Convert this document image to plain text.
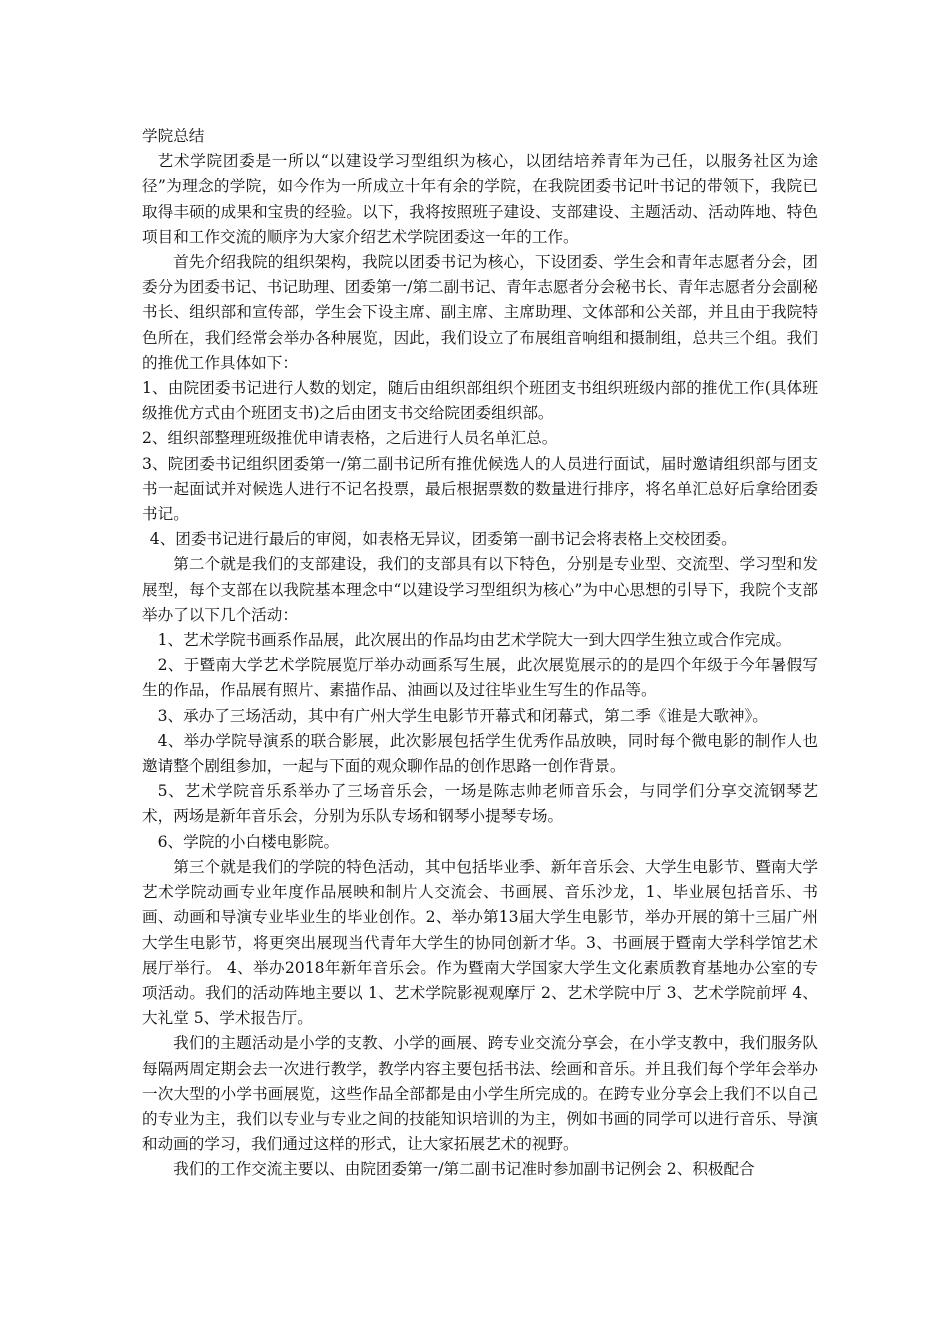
学院总结

艺术学院团委是一所以“以建设学习型组织为核心，以团结培养青年为己任，以服务社区为途径”为理念的学院，如今作为一所成立十年有余的学院，在我院团委书记叶书记的带领下，我院已取得丰硕的成果和宝贵的经验。以下，我将按照班子建设、支部建设、主题活动、活动阵地、特色项目和工作交流的顺序为大家介绍艺术学院团委这一年的工作。

首先介绍我院的组织架构，我院以团委书记为核心，下设团委、学生会和青年志愿者分会，团委分为团委书记、书记助理、团委第一/第二副书记、青年志愿者分会秘书长、青年志愿者分会副秘书长、组织部和宣传部，学生会下设主席、副主席、主席助理、文体部和公关部，并且由于我院特色所在，我们经常会举办各种展览，因此，我们设立了布展组音响组和摄制组，总共三个组。我们的推优工作具体如下：

1、由院团委书记进行人数的划定，随后由组织部组织个班团支书组织班级内部的推优工作(具体班级推优方式由个班团支书)之后由团支书交给院团委组织部。

2、组织部整理班级推优申请表格，之后进行人员名单汇总。

3、院团委书记组织团委第一/第二副书记所有推优候选人的人员进行面试，届时邀请组织部与团支书一起面试并对候选人进行不记名投票，最后根据票数的数量进行排序，将名单汇总好后拿给团委书记。

4、团委书记进行最后的审阅，如表格无异议，团委第一副书记会将表格上交校团委。

第二个就是我们的支部建设，我们的支部具有以下特色，分别是专业型、交流型、学习型和发展型，每个支部在以我院基本理念中“以建设学习型组织为核心”为中心思想的引导下，我院个支部举办了以下几个活动：

1、艺术学院书画系作品展，此次展出的作品均由艺术学院大一到大四学生独立或合作完成。

2、于暨南大学艺术学院展览厅举办动画系写生展，此次展览展示的的是四个年级于今年暑假写生的作品，作品展有照片、素描作品、油画以及过往毕业生写生的作品等。

3、承办了三场活动，其中有广州大学生电影节开幕式和闭幕式，第二季《谁是大歌神》。

4、举办学院导演系的联合影展，此次影展包括学生优秀作品放映，同时每个微电影的制作人也邀请整个剧组参加，一起与下面的观众聊作品的创作思路一创作背景。

5、艺术学院音乐系举办了三场音乐会，一场是陈志帅老师音乐会，与同学们分享交流钢琴艺术，两场是新年音乐会，分别为乐队专场和钢琴小提琴专场。

6、学院的小白楼电影院。

第三个就是我们的学院的特色活动，其中包括毕业季、新年音乐会、大学生电影节、暨南大学艺术学院动画专业年度作品展映和制片人交流会、书画展、音乐沙龙，1、毕业展包括音乐、书画、动画和导演专业毕业生的毕业创作。2、举办第13届大学生电影节，举办开展的第十三届广州大学生电影节，将更突出展现当代青年大学生的协同创新才华。3、书画展于暨南大学科学馆艺术展厅举行。 4、举办2018年新年音乐会。作为暨南大学国家大学生文化素质教育基地办公室的专项活动。我们的活动阵地主要以 1、艺术学院影视观摩厅 2、艺术学院中厅 3、艺术学院前坪 4、大礼堂 5、学术报告厅。

我们的主题活动是小学的支教、小学的画展、跨专业交流分享会，在小学支教中，我们服务队每隔两周定期会去一次进行教学，教学内容主要包括书法、绘画和音乐。并且我们每个学年会举办一次大型的小学书画展览，这些作品全部都是由小学生所完成的。在跨专业分享会上我们不以自己的专业为主，我们以专业与专业之间的技能知识培训的为主，例如书画的同学可以进行音乐、导演和动画的学习，我们通过这样的形式，让大家拓展艺术的视野。

我们的工作交流主要以、由院团委第一/第二副书记准时参加副书记例会 2、积极配合
